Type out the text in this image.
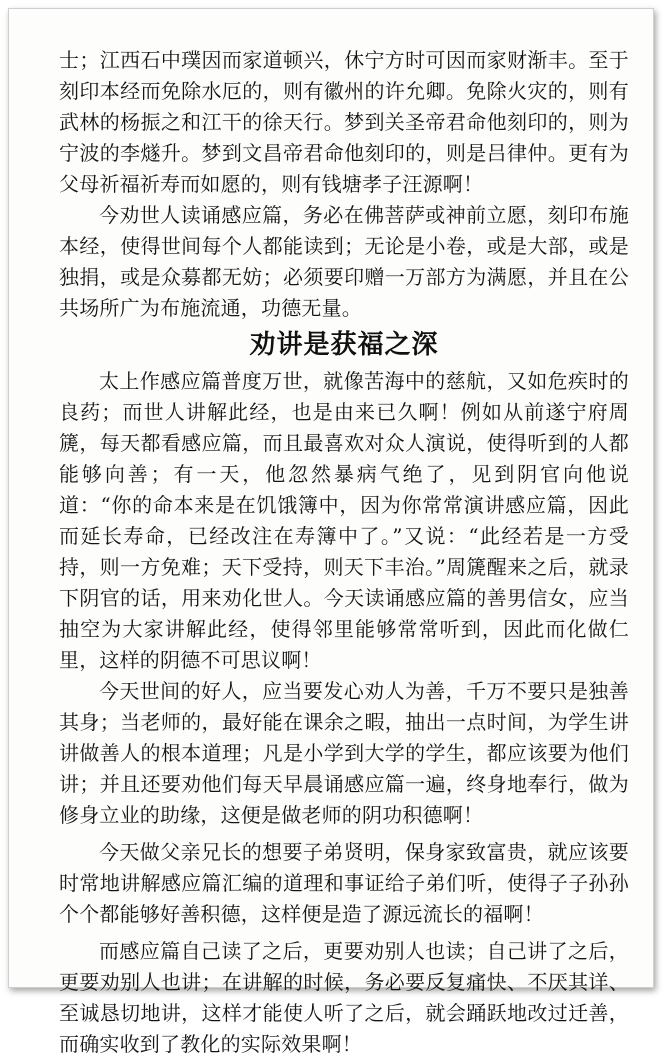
士；江西石中璞因而家道顿兴，休宁方时可因而家财渐丰。至于刻印本经而免除水厄的，则有徽州的许允卿。免除火灾的，则有武林的杨振之和江干的徐天行。梦到关圣帝君命他刻印的，则为宁波的李燧升。梦到文昌帝君命他刻印的，则是吕律仲。更有为父母祈福祈寿而如愿的，则有钱塘孝子汪源啊！

今劝世人读诵感应篇，务必在佛菩萨或神前立愿，刻印布施本经，使得世间每个人都能读到；无论是小卷，或是大部，或是独捐，或是众募都无妨；必须要印赠一万部方为满愿，并且在公共场所广为布施流通，功德无量。

劝讲是获福之深

太上作感应篇普度万世，就像苦海中的慈航，又如危疾时的良药；而世人讲解此经，也是由来已久啊！例如从前遂宁府周篪，每天都看感应篇，而且最喜欢对众人演说，使得听到的人都能够向善；有一天，他忽然暴病气绝了，见到阴官向他说道：“你的命本来是在饥饿簿中，因为你常常演讲感应篇，因此而延长寿命，已经改注在寿簿中了。”又说：“此经若是一方受持，则一方免难；天下受持，则天下丰治。”周篪醒来之后，就录下阴官的话，用来劝化世人。今天读诵感应篇的善男信女，应当抽空为大家讲解此经，使得邻里能够常常听到，因此而化做仁里，这样的阴德不可思议啊！

今天世间的好人，应当要发心劝人为善，千万不要只是独善其身；当老师的，最好能在课余之暇，抽出一点时间，为学生讲讲做善人的根本道理；凡是小学到大学的学生，都应该要为他们讲；并且还要劝他们每天早晨诵感应篇一遍，终身地奉行，做为修身立业的助缘，这便是做老师的阴功积德啊！

今天做父亲兄长的想要子弟贤明，保身家致富贵，就应该要时常地讲解感应篇汇编的道理和事证给子弟们听，使得子子孙孙个个都能够好善积德，这样便是造了源远流长的福啊！

而感应篇自己读了之后，更要劝别人也读；自己讲了之后，更要劝别人也讲；在讲解的时候，务必要反复痛快、不厌其详、至诚恳切地讲，这样才能使人听了之后，就会踊跃地改过迁善，而确实收到了教化的实际效果啊！
